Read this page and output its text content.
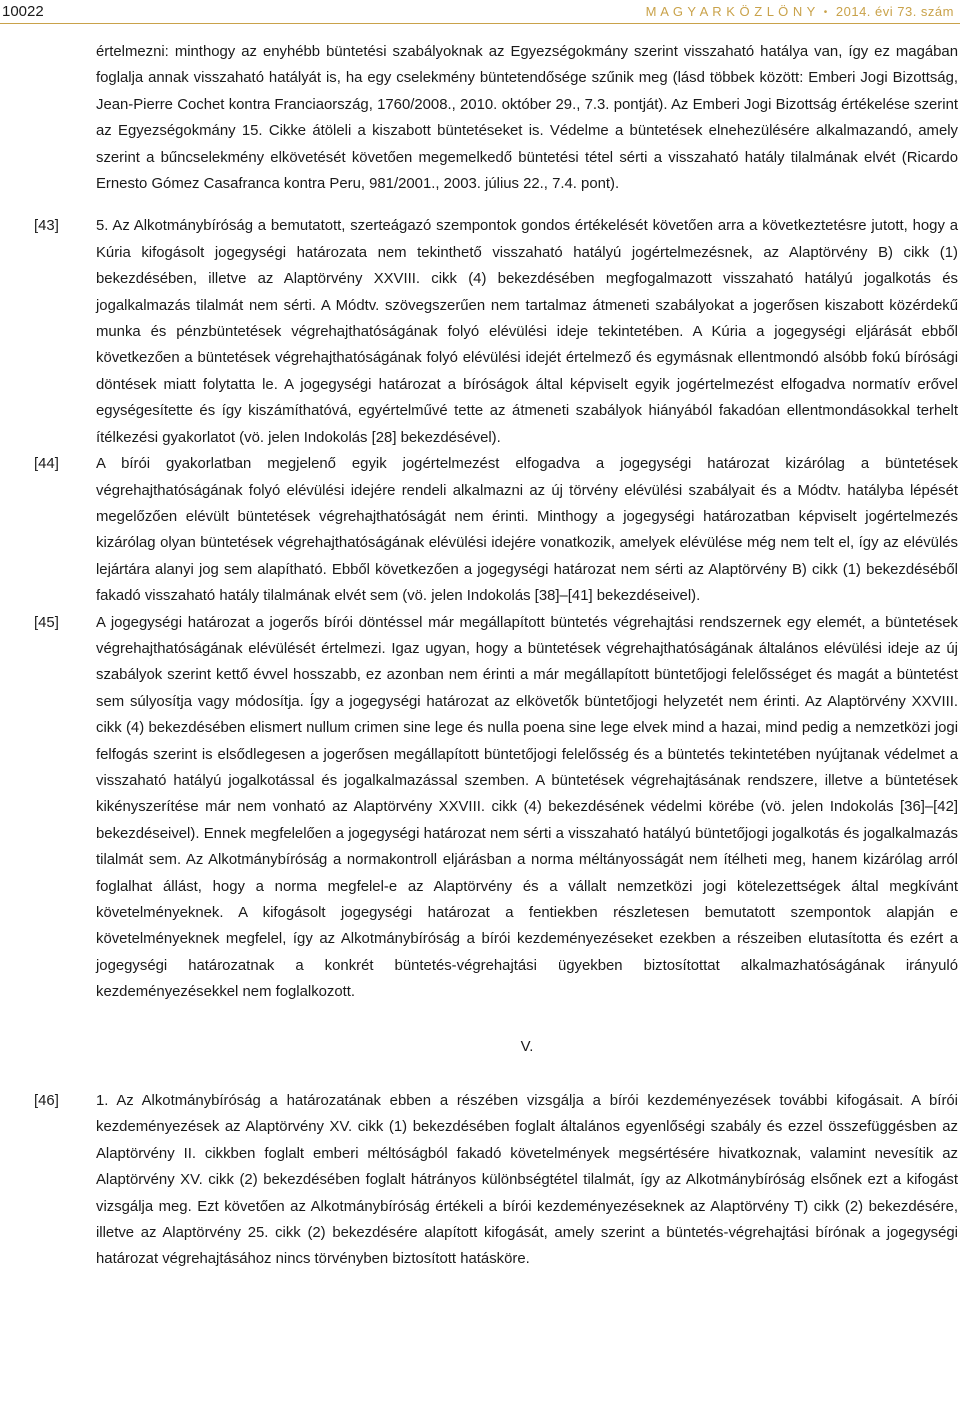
10022	M A G Y A R K Ö Z L Ö N Y • 2014. évi 73. szám

értelmezni: minthogy az enyhébb büntetési szabályoknak az Egyezségokmány szerint visszaható hatálya van, így ez magában foglalja annak visszaható hatályát is, ha egy cselekmény büntetendősége szűnik meg (lásd többek között: Emberi Jogi Bizottság, Jean-Pierre Cochet kontra Franciaország, 1760/2008., 2010. október 29., 7.3. pontját). Az Emberi Jogi Bizottság értékelése szerint az Egyezségokmány 15. Cikke átöleli a kiszabott büntetéseket is. Védelme a büntetések elnehezülésére alkalmazandó, amely szerint a bűncselekmény elkövetését követően megemelkedő büntetési tétel sérti a visszaható hatály tilalmának elvét (Ricardo Ernesto Gómez Casafranca kontra Peru, 981/2001., 2003. július 22., 7.4. pont).

[43] 5. Az Alkotmánybíróság a bemutatott, szerteágazó szempontok gondos értékelését követően arra a következtetésre jutott, hogy a Kúria kifogásolt jogegységi határozata nem tekinthető visszaható hatályú jogértelmezésnek, az Alaptörvény B) cikk (1) bekezdésében, illetve az Alaptörvény XXVIII. cikk (4) bekezdésében megfogalmazott visszaható hatályú jogalkotás és jogalkalmazás tilalmát nem sérti. A Módtv. szövegszerűen nem tartalmaz átmeneti szabályokat a jogerősen kiszabott közérdekű munka és pénzbüntetések végrehajthatóságának folyó elévülési ideje tekintetében. A Kúria a jogegységi eljárását ebből következően a büntetések végrehajthatóságának folyó elévülési idejét értelmező és egymásnak ellentmondó alsóbb fokú bírósági döntések miatt folytatta le. A jogegységi határozat a bíróságok által képviselt egyik jogértelmezést elfogadva normatív erővel egységesítette és így kiszámíthatóvá, egyértelművé tette az átmeneti szabályok hiányából fakadóan ellentmondásokkal terhelt ítélkezési gyakorlatot (vö. jelen Indokolás [28] bekezdésével).

[44] A bírói gyakorlatban megjelenő egyik jogértelmezést elfogadva a jogegységi határozat kizárólag a büntetések végrehajthatóságának folyó elévülési idejére rendeli alkalmazni az új törvény elévülési szabályait és a Módtv. hatályba lépését megelőzően elévült büntetések végrehajthatóságát nem érinti. Minthogy a jogegységi határozatban képviselt jogértelmezés kizárólag olyan büntetések végrehajthatóságának elévülési idejére vonatkozik, amelyek elévülése még nem telt el, így az elévülés lejártára alanyi jog sem alapítható. Ebből következően a jogegységi határozat nem sérti az Alaptörvény B) cikk (1) bekezdéséből fakadó visszaható hatály tilalmának elvét sem (vö. jelen Indokolás [38]–[41] bekezdéseivel).

[45] A jogegységi határozat a jogerős bírói döntéssel már megállapított büntetés végrehajtási rendszernek egy elemét, a büntetések végrehajthatóságának elévülését értelmezi. Igaz ugyan, hogy a büntetések végrehajthatóságának általános elévülési ideje az új szabályok szerint kettő évvel hosszabb, ez azonban nem érinti a már megállapított büntetőjogi felelősséget és magát a büntetést sem súlyosítja vagy módosítja. Így a jogegységi határozat az elkövetők büntetőjogi helyzetét nem érinti. Az Alaptörvény XXVIII. cikk (4) bekezdésében elismert nullum crimen sine lege és nulla poena sine lege elvek mind a hazai, mind pedig a nemzetközi jogi felfogás szerint is elsődlegesen a jogerősen megállapított büntetőjogi felelősség és a büntetés tekintetében nyújtanak védelmet a visszaható hatályú jogalkotással és jogalkalmazással szemben. A büntetések végrehajtásának rendszere, illetve a büntetések kikényszerítése már nem vonható az Alaptörvény XXVIII. cikk (4) bekezdésének védelmi körébe (vö. jelen Indokolás [36]–[42] bekezdéseivel). Ennek megfelelően a jogegységi határozat nem sérti a visszaható hatályú büntetőjogi jogalkotás és jogalkalmazás tilalmát sem. Az Alkotmánybíróság a normakontroll eljárásban a norma méltányosságát nem ítélheti meg, hanem kizárólag arról foglalhat állást, hogy a norma megfelel-e az Alaptörvény és a vállalt nemzetközi jogi kötelezettségek által megkívánt követelményeknek. A kifogásolt jogegységi határozat a fentiekben részletesen bemutatott szempontok alapján e követelményeknek megfelel, így az Alkotmánybíróság a bírói kezdeményezéseket ezekben a részeiben elutasította és ezért a jogegységi határozatnak a konkrét büntetés-végrehajtási ügyekben biztosítottat alkalmazhatóságának irányuló kezdeményezésekkel nem foglalkozott.

V.
[46] 1. Az Alkotmánybíróság a határozatának ebben a részében vizsgálja a bírói kezdeményezések további kifogásait. A bírói kezdeményezések az Alaptörvény XV. cikk (1) bekezdésében foglalt általános egyenlőségi szabály és ezzel összefüggésben az Alaptörvény II. cikkben foglalt emberi méltóságból fakadó követelmények megsértésére hivatkoznak, valamint nevesítik az Alaptörvény XV. cikk (2) bekezdésében foglalt hátrányos különbségtétel tilalmát, így az Alkotmánybíróság elsőnek ezt a kifogást vizsgálja meg. Ezt követően az Alkotmánybíróság értékeli a bírói kezdeményezéseknek az Alaptörvény T) cikk (2) bekezdésére, illetve az Alaptörvény 25. cikk (2) bekezdésére alapított kifogását, amely szerint a büntetés-végrehajtási bírónak a jogegységi határozat végrehajtásához nincs törvényben biztosított hatásköre.
